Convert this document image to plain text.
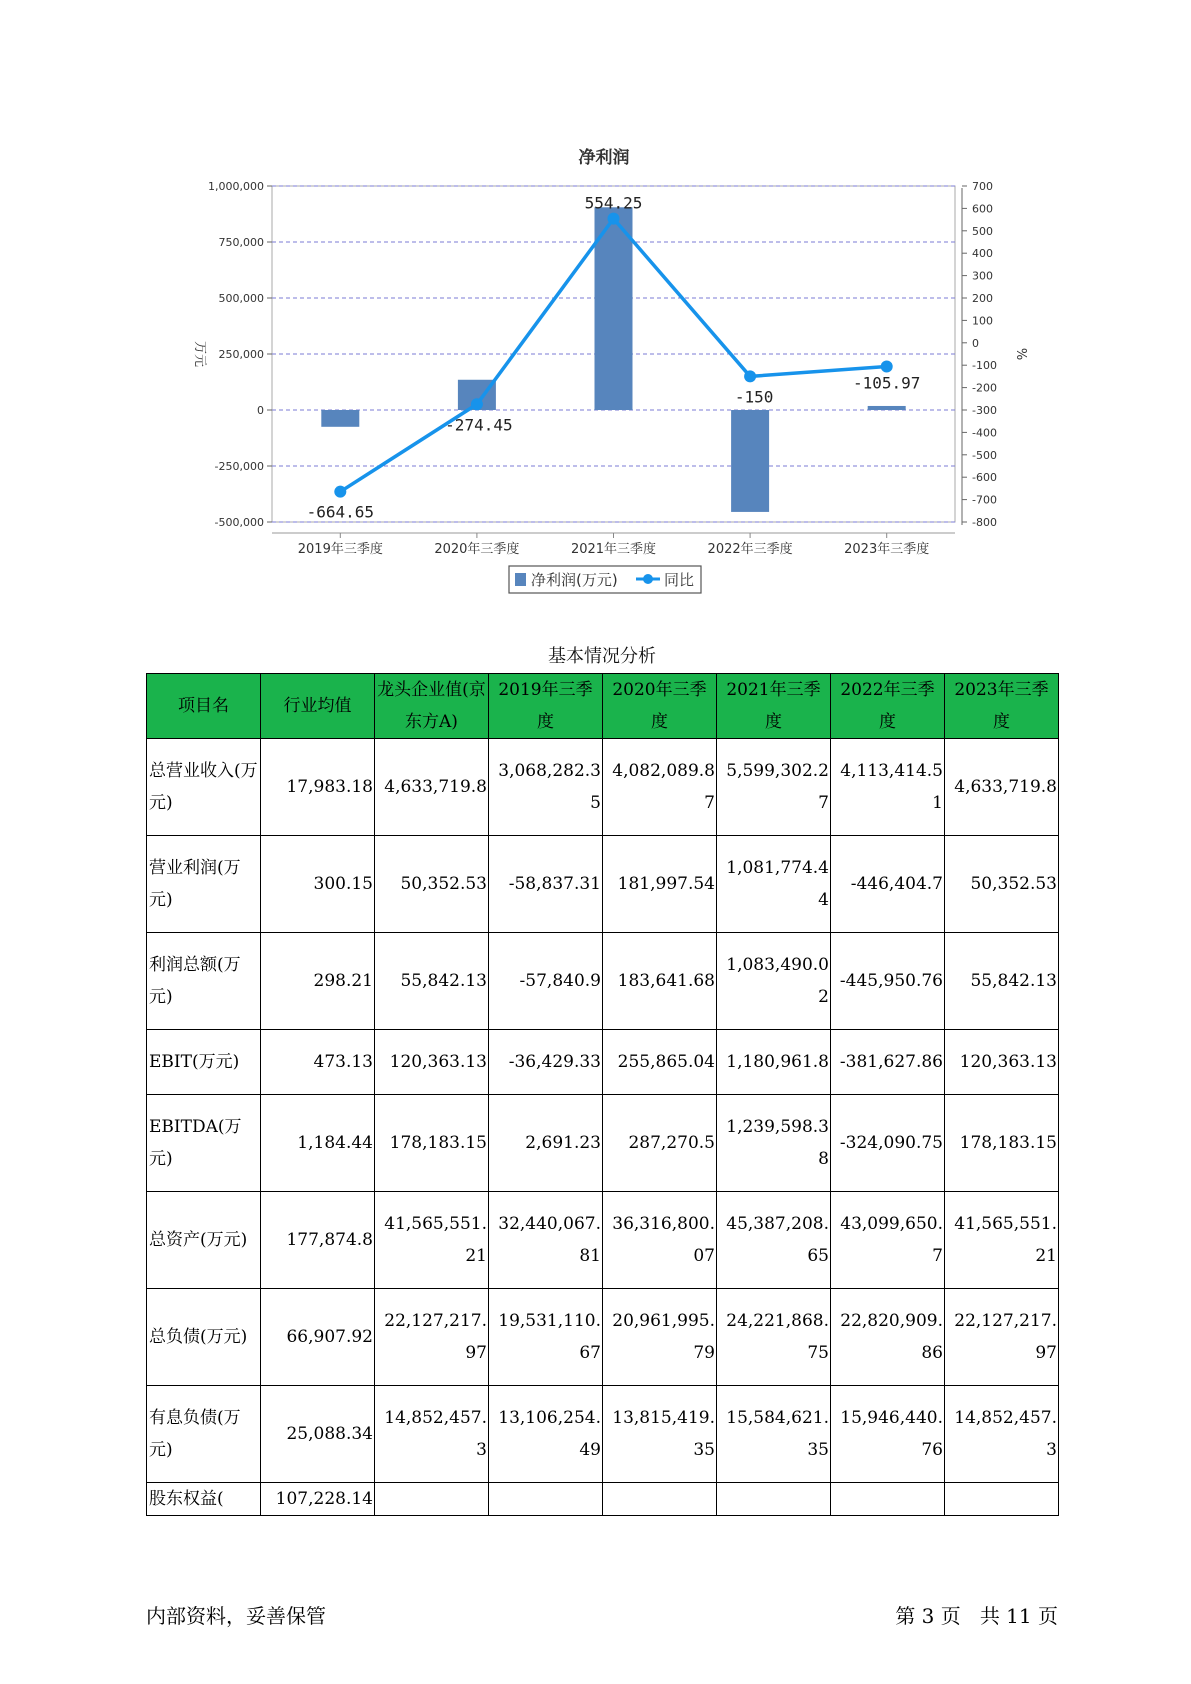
净利润
1,000,000
750,000
500,000
250,000
0
-250,000
-500,000
700
600
500
400
300
200
100
0
-100
-200
-300
-400
-500
-600
-700
-800
2019年三季度	2020年三季度	2021年三季度	2022年三季度	2023年三季度
万元	%
-664.65
-274.45
554.25
-150
-105.97
净利润(万元)	同比
基本情况分析
项目名	行业均值	龙头企业值(京东方A)	2019年三季度	2020年三季度	2021年三季度	2022年三季度	2023年三季度
总营业收入(万元)	17,983.18	4,633,719.8	3,068,282.35	4,082,089.87	5,599,302.27	4,113,414.51	4,633,719.8
营业利润(万元)	300.15	50,352.53	-58,837.31	181,997.54	1,081,774.44	-446,404.7	50,352.53
利润总额(万元)	298.21	55,842.13	-57,840.9	183,641.68	1,083,490.02	-445,950.76	55,842.13
EBIT(万元)	473.13	120,363.13	-36,429.33	255,865.04	1,180,961.8	-381,627.86	120,363.13
EBITDA(万元)	1,184.44	178,183.15	2,691.23	287,270.5	1,239,598.38	-324,090.75	178,183.15
总资产(万元)	177,874.8	41,565,551.21	32,440,067.81	36,316,800.07	45,387,208.65	43,099,650.7	41,565,551.21
总负债(万元)	66,907.92	22,127,217.97	19,531,110.67	20,961,995.79	24,221,868.75	22,820,909.86	22,127,217.97
有息负债(万元)	25,088.34	14,852,457.3	13,106,254.49	13,815,419.35	15,584,621.35	15,946,440.76	14,852,457.3
股东权益(	107,228.14						
内部资料，妥善保管	第 3 页   共 11 页
